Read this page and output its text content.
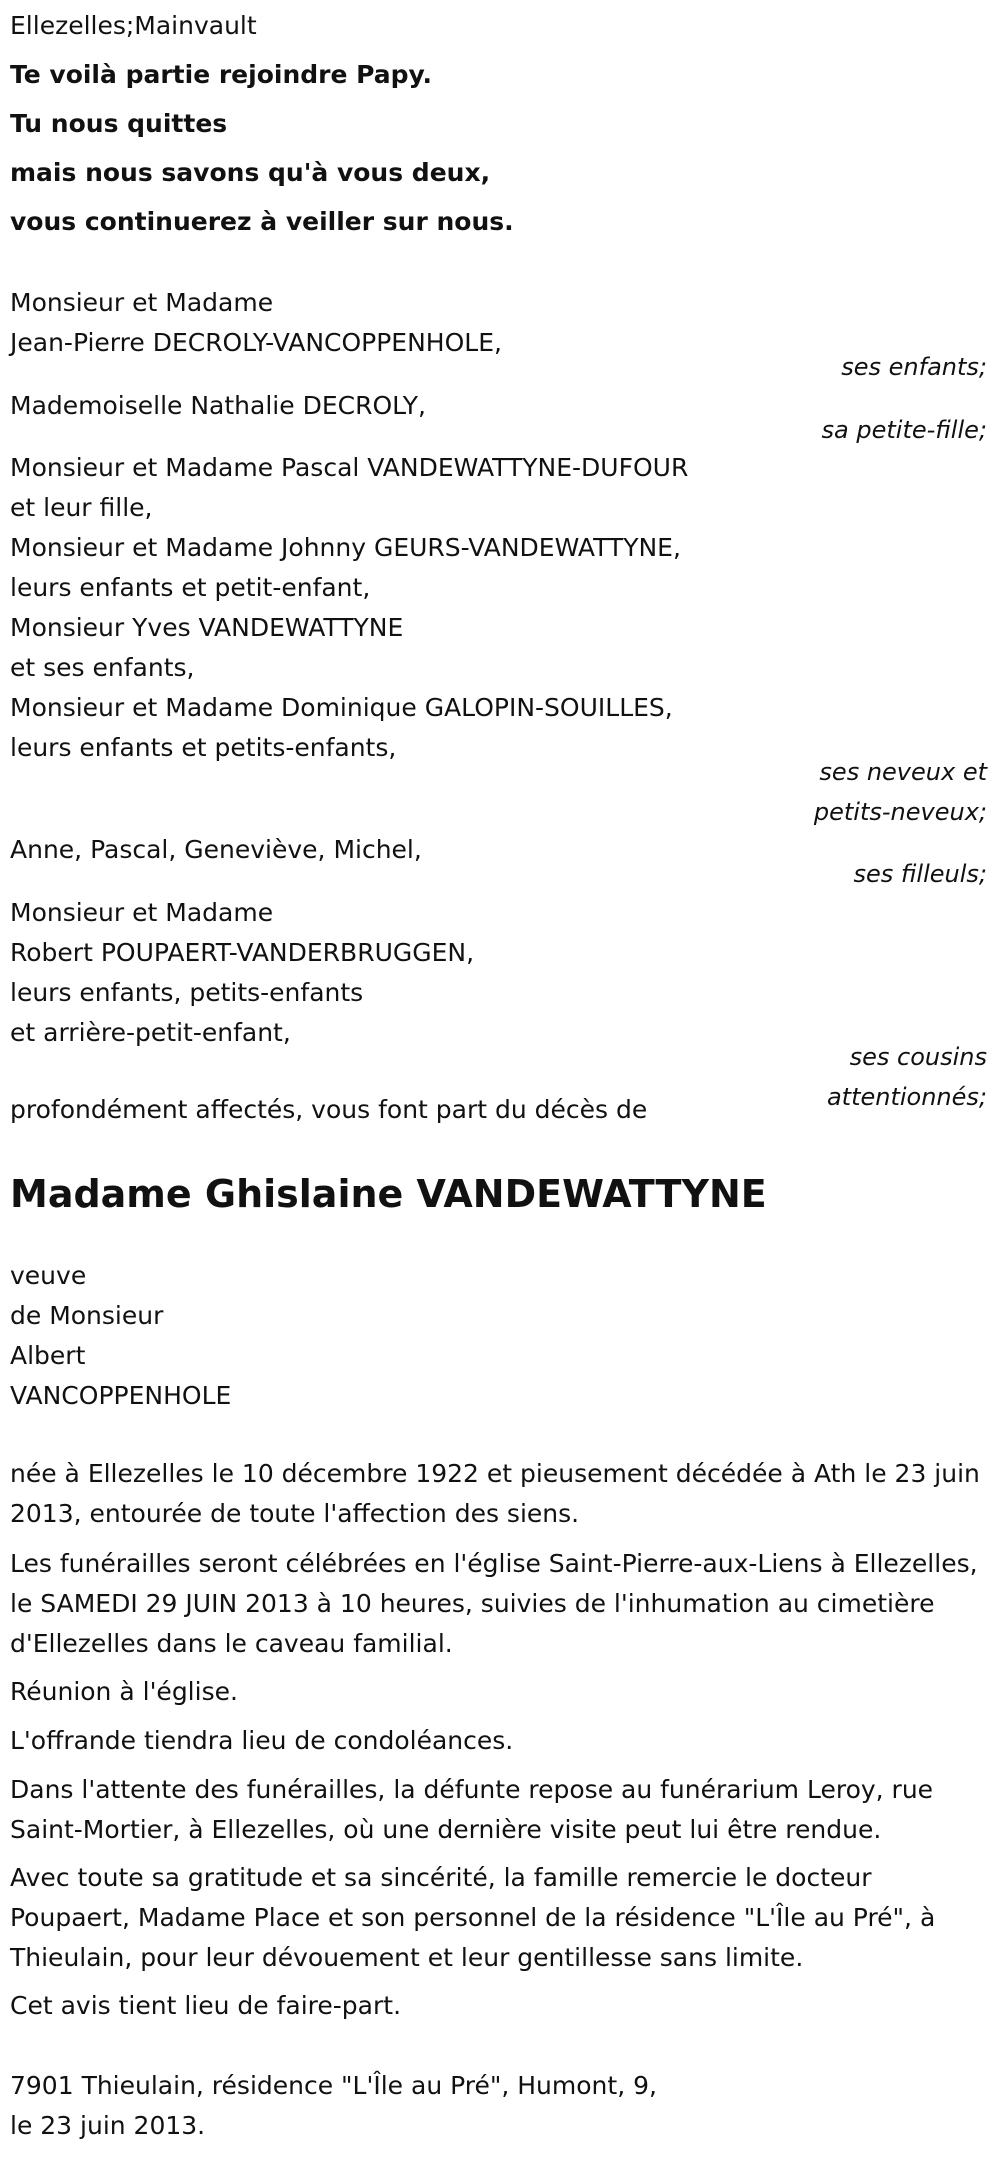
Ellezelles;Mainvault
Te voilà partie rejoindre Papy.
Tu nous quittes
mais nous savons qu'à vous deux,
vous continuerez à veiller sur nous.
Monsieur et Madame
Jean-Pierre DECROLY-VANCOPPENHOLE,
ses enfants;
Mademoiselle Nathalie DECROLY,
sa petite-fille;
Monsieur et Madame Pascal VANDEWATTYNE-DUFOUR
et leur fille,
Monsieur et Madame Johnny GEURS-VANDEWATTYNE,
leurs enfants et petit-enfant,
Monsieur Yves VANDEWATTYNE
et ses enfants,
Monsieur et Madame Dominique GALOPIN-SOUILLES,
leurs enfants et petits-enfants,
ses neveux et
petits-neveux;
Anne, Pascal, Geneviève, Michel,
ses filleuls;
Monsieur et Madame
Robert POUPAERT-VANDERBRUGGEN,
leurs enfants, petits-enfants
et arrière-petit-enfant,
ses cousins
attentionnés;
profondément affectés, vous font part du décès de
Madame Ghislaine VANDEWATTYNE
veuve
de Monsieur
Albert
VANCOPPENHOLE
née à Ellezelles le 10 décembre 1922 et pieusement décédée à Ath le 23 juin 2013, entourée de toute l'affection des siens.
Les funérailles seront célébrées en l'église Saint-Pierre-aux-Liens à Ellezelles, le SAMEDI 29 JUIN 2013 à 10 heures, suivies de l'inhumation au cimetière d'Ellezelles dans le caveau familial.
Réunion à l'église.
L'offrande tiendra lieu de condoléances.
Dans l'attente des funérailles, la défunte repose au funérarium Leroy, rue Saint-Mortier, à Ellezelles, où une dernière visite peut lui être rendue.
Avec toute sa gratitude et sa sincérité, la famille remercie le docteur Poupaert, Madame Place et son personnel de la résidence "L'Île au Pré", à Thieulain, pour leur dévouement et leur gentillesse sans limite.
Cet avis tient lieu de faire-part.
7901 Thieulain, résidence "L'Île au Pré", Humont, 9,
le 23 juin 2013.
